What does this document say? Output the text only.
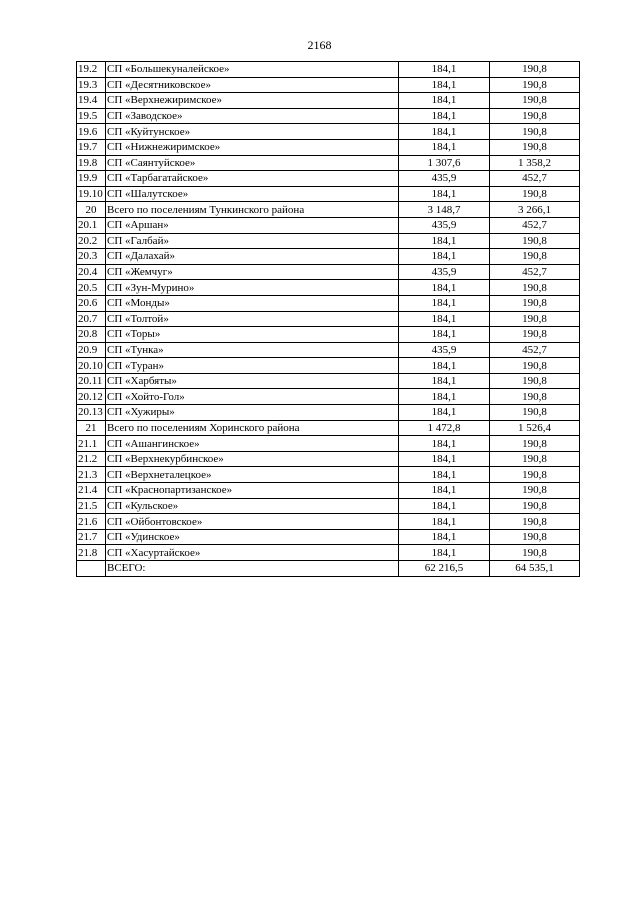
2168
19.2	СП «Большекуналейское»	184,1	190,8
19.3	СП «Десятниковское»	184,1	190,8
19.4	СП «Верхнежиримское»	184,1	190,8
19.5	СП «Заводское»	184,1	190,8
19.6	СП «Куйтунское»	184,1	190,8
19.7	СП «Нижнежиримское»	184,1	190,8
19.8	СП «Саянтуйское»	1 307,6	1 358,2
19.9	СП «Тарбагатайское»	435,9	452,7
19.10	СП «Шалутское»	184,1	190,8
20	Всего по поселениям Тункинского района	3 148,7	3 266,1
20.1	СП «Аршан»	435,9	452,7
20.2	СП «Галбай»	184,1	190,8
20.3	СП «Далахай»	184,1	190,8
20.4	СП «Жемчуг»	435,9	452,7
20.5	СП «Зун-Мурино»	184,1	190,8
20.6	СП «Монды»	184,1	190,8
20.7	СП «Толтой»	184,1	190,8
20.8	СП «Торы»	184,1	190,8
20.9	СП «Тунка»	435,9	452,7
20.10	СП «Туран»	184,1	190,8
20.11	СП «Харбяты»	184,1	190,8
20.12	СП «Хойто-Гол»	184,1	190,8
20.13	СП «Хужиры»	184,1	190,8
21	Всего по поселениям Хоринского района	1 472,8	1 526,4
21.1	СП «Ашангинское»	184,1	190,8
21.2	СП «Верхнекурбинское»	184,1	190,8
21.3	СП «Верхнеталецкое»	184,1	190,8
21.4	СП «Краснопартизанское»	184,1	190,8
21.5	СП «Кульское»	184,1	190,8
21.6	СП «Ойбонтовское»	184,1	190,8
21.7	СП «Удинское»	184,1	190,8
21.8	СП «Хасуртайское»	184,1	190,8
	ВСЕГО:	62 216,5	64 535,1
